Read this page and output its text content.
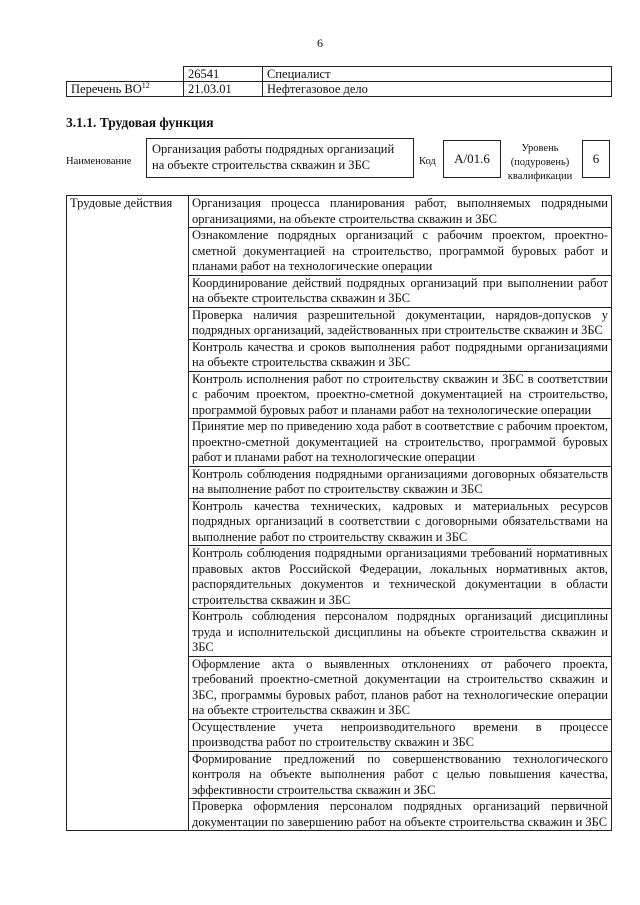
6
	26541	Специалист
Перечень ВО$^{12}$	21.03.01	Нефтегазовое дело
3.1.1. Трудовая функция
Наименование
Организация работы подрядных организаций на объекте строительства скважин и ЗБС	Код	A/01.6
Уровень (подуровень) квалификации
6
Трудовые действия	Организация процесса планирования работ, выполняемых подрядными организациями, на объекте строительства скважин и ЗБС
Ознакомление подрядных организаций с рабочим проектом, проектно-сметной документацией на строительство, программой буровых работ и планами работ на технологические операции
Координирование действий подрядных организаций при выполнении работ на объекте строительства скважин и ЗБС
Проверка наличия разрешительной документации, нарядов-допусков у подрядных организаций, задействованных при строительстве скважин и ЗБС
Контроль качества и сроков выполнения работ подрядными организациями на объекте строительства скважин и ЗБС
Контроль исполнения работ по строительству скважин и ЗБС в соответствии с рабочим проектом, проектно-сметной документацией на строительство, программой буровых работ и планами работ на технологические операции
Принятие мер по приведению хода работ в соответствие с рабочим проектом, проектно-сметной документацией на строительство, программой буровых работ и планами работ на технологические операции
Контроль соблюдения подрядными организациями договорных обязательств на выполнение работ по строительству скважин и ЗБС
Контроль качества технических, кадровых и материальных ресурсов подрядных организаций в соответствии с договорными обязательствами на выполнение работ по строительству скважин и ЗБС
Контроль соблюдения подрядными организациями требований нормативных правовых актов Российской Федерации, локальных нормативных актов, распорядительных документов и технической документации в области строительства скважин и ЗБС
Контроль соблюдения персоналом подрядных организаций дисциплины труда и исполнительской дисциплины на объекте строительства скважин и ЗБС
Оформление акта о выявленных отклонениях от рабочего проекта, требований проектно-сметной документации на строительство скважин и ЗБС, программы буровых работ, планов работ на технологические операции на объекте строительства скважин и ЗБС
Осуществление учета непроизводительного времени в процессе производства работ по строительству скважин и ЗБС
Формирование предложений по совершенствованию технологического контроля на объекте выполнения работ с целью повышения качества, эффективности строительства скважин и ЗБС
Проверка оформления персоналом подрядных организаций первичной документации по завершению работ на объекте строительства скважин и ЗБС
